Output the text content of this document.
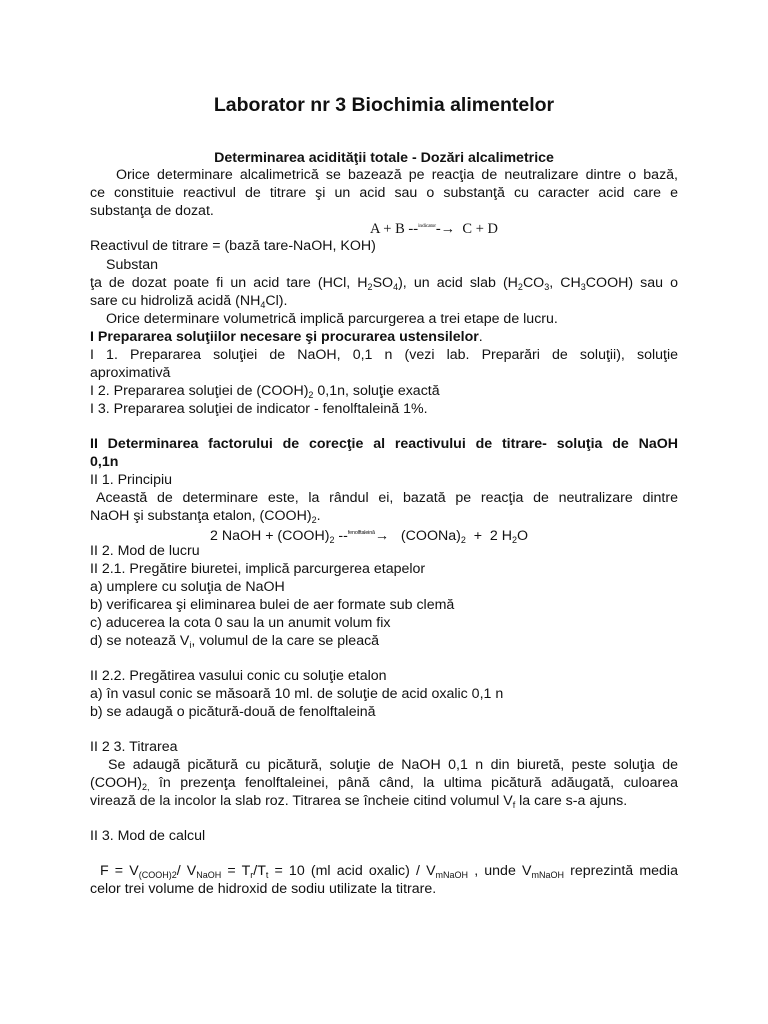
Laborator nr 3 Biochimia alimentelor
Determinarea acidităţii totale - Dozări alcalimetrice
Orice determinare alcalimetrică se bazează pe reacţia de neutralizare dintre o bază,
ce constituie reactivul de titrare şi un acid sau o substanţă cu caracter acid care e
substanţa de dozat.
A + B --$^{indicator}$-→ C + D
Reactivul de titrare = (bază tare-NaOH, KOH)
Substan
ţa de dozat poate fi un acid tare (HCl, $H_2SO_4$), un acid slab ($H_2CO_3$, $CH_3COOH$) sau o
sare cu hidroliză acidă $(NH_4Cl)$.
Orice determinare volumetrică implică parcurgerea a trei etape de lucru.
I Prepararea soluţiilor necesare şi procurarea ustensilelor.
I 1. Prepararea soluţiei de NaOH, 0,1 n (vezi lab. Preparări de soluţii), soluţie
aproximativă
I 2. Prepararea soluţiei de $(COOH)_2$ 0,1n, soluţie exactă
I 3. Prepararea soluţiei de indicator - fenolftaleină 1%.
II Determinarea factorului de corecţie al reactivului de titrare- soluţia de NaOH
0,1n
II 1. Principiu
Această de determinare este, la rândul ei, bazată pe reacţia de neutralizare dintre
NaOH şi substanţa etalon, $(COOH)_2$.
2 NaOH + $(COOH)_2$ $--^{fenolftaleină}\to (COONa)_2 + 2$ $H_2O$
II 2. Mod de lucru
II 2.1. Pregătire biuretei, implică parcurgerea etapelor
a) umplere cu soluţia de NaOH
b) verificarea şi eliminarea bulei de aer formate sub clemă
c) aducerea la cota 0 sau la un anumit volum fix
d) se notează $V_i$, volumul de la care se pleacă
II 2.2. Pregătirea vasului conic cu soluţie etalon
a) în vasul conic se măsoară 10 ml. de soluţie de acid oxalic 0,1 n
b) se adaugă o picătură-două de fenolftaleină
II 2 3. Titrarea
Se adaugă picătură cu picătură, soluţie de NaOH 0,1 n din biuretă, peste soluţia de
$(COOH)_{2,}$ în prezenţa fenolftaleinei, până când, la ultima picătură adăugată, culoarea
virează de la incolor la slab roz. Titrarea se încheie citind volumul $V_f$ la care s-a ajuns.
II 3. Mod de calcul
$F = V_{(COOH)2}/$ $V_{NaOH} = T_r/T_t = 10$ (ml acid oxalic) / $V_{mNaOH}$ , unde $V_{mNaOH}$ reprezintă media
celor trei volume de hidroxid de sodiu utilizate la titrare.
